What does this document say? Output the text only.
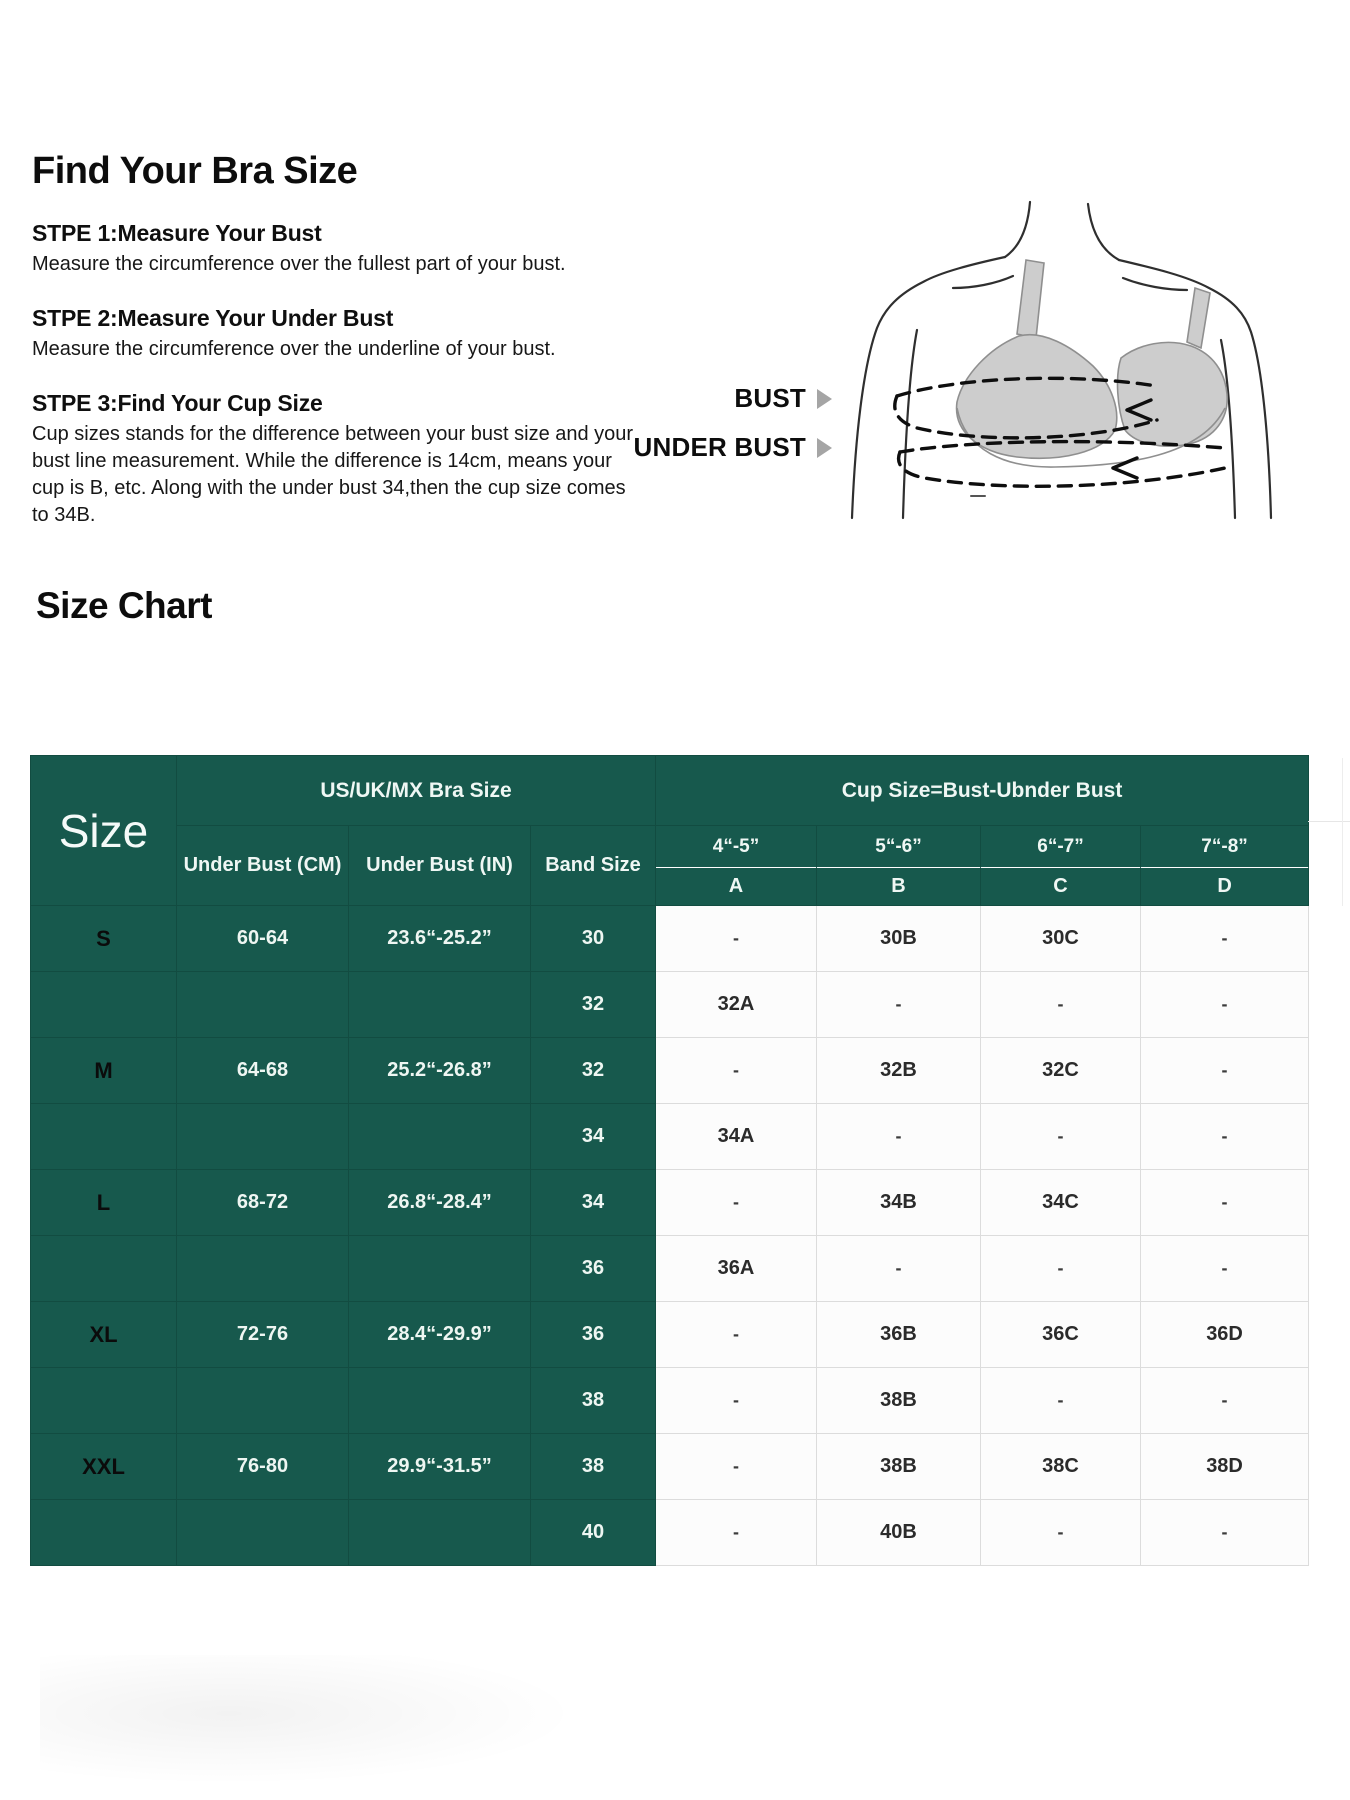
Find Your Bra Size
STPE 1:Measure Your Bust

Measure the circumference over the fullest part of your bust.

STPE 2:Measure Your Under Bust

Measure the circumference over the underline of your bust.

STPE 3:Find Your Cup Size

Cup sizes stands for the difference between your bust size and your bust line measurement. While the difference is 14cm, means your cup is B, etc. Along with the under bust 34,then the cup size comes to 34B.

BUST
UNDER BUST
Size Chart
Size	US/UK/MX Bra Size			Cup Size=Bust-Ubnder Bust			
	Under Bust (CM)	Under Bust (IN)	Band Size	4“-5”	5“-6”	6“-7”	7“-8”
				A	B	C	D
S	60-64	23.6“-25.2”	30	-	30B	30C	-
			32	32A	-	-	-
M	64-68	25.2“-26.8”	32	-	32B	32C	-
			34	34A	-	-	-
L	68-72	26.8“-28.4”	34	-	34B	34C	-
			36	36A	-	-	-
XL	72-76	28.4“-29.9”	36	-	36B	36C	36D
			38	-	38B	-	-
XXL	76-80	29.9“-31.5”	38	-	38B	38C	38D
			40	-	40B	-	-
